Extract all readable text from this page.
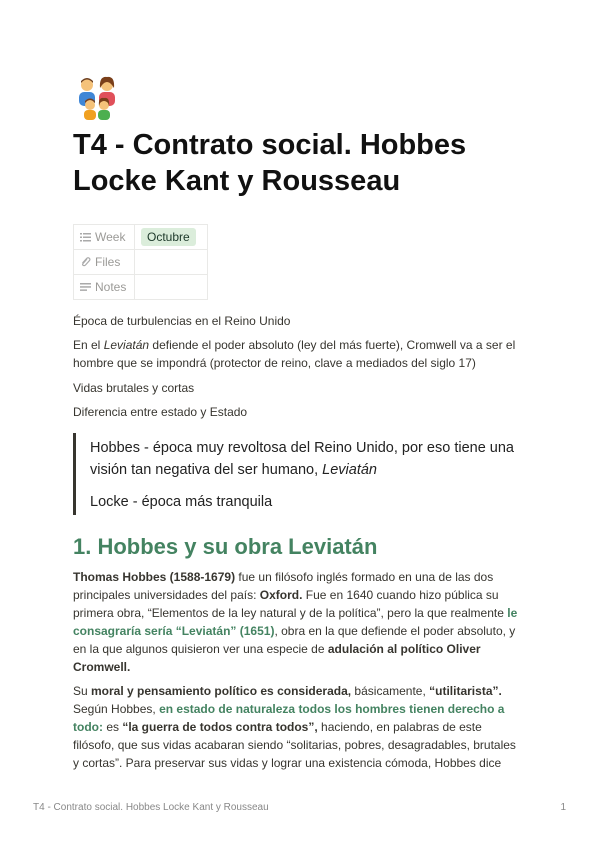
T4 - Contrato social. Hobbes Locke Kant y Rousseau
Week	Octubre
Files	
Notes	

Época de turbulencias en el Reino Unido

En el Leviatán defiende el poder absoluto (ley del más fuerte), Cromwell va a ser el hombre que se impondrá (protector de reino, clave a mediados del siglo 17)

Vidas brutales y cortas

Diferencia entre estado y Estado

Hobbes - época muy revoltosa del Reino Unido, por eso tiene una visión tan negativa del ser humano, Leviatán

Locke - época más tranquila

1. Hobbes y su obra Leviatán

Thomas Hobbes (1588-1679) fue un filósofo inglés formado en una de las dos principales universidades del país: Oxford. Fue en 1640 cuando hizo pública su primera obra, “Elementos de la ley natural y de la política”, pero la que realmente le consagraría sería “Leviatán” (1651), obra en la que defiende el poder absoluto, y en la que algunos quisieron ver una especie de adulación al político Oliver Cromwell.

Su moral y pensamiento político es considerada, básicamente, “utilitarista”. Según Hobbes, en estado de naturaleza todos los hombres tienen derecho a todo: es “la guerra de todos contra todos”, haciendo, en palabras de este filósofo, que sus vidas acabaran siendo “solitarias, pobres, desagradables, brutales y cortas”. Para preservar sus vidas y lograr una existencia cómoda, Hobbes dice

T4 - Contrato social. Hobbes Locke Kant y Rousseau	1
